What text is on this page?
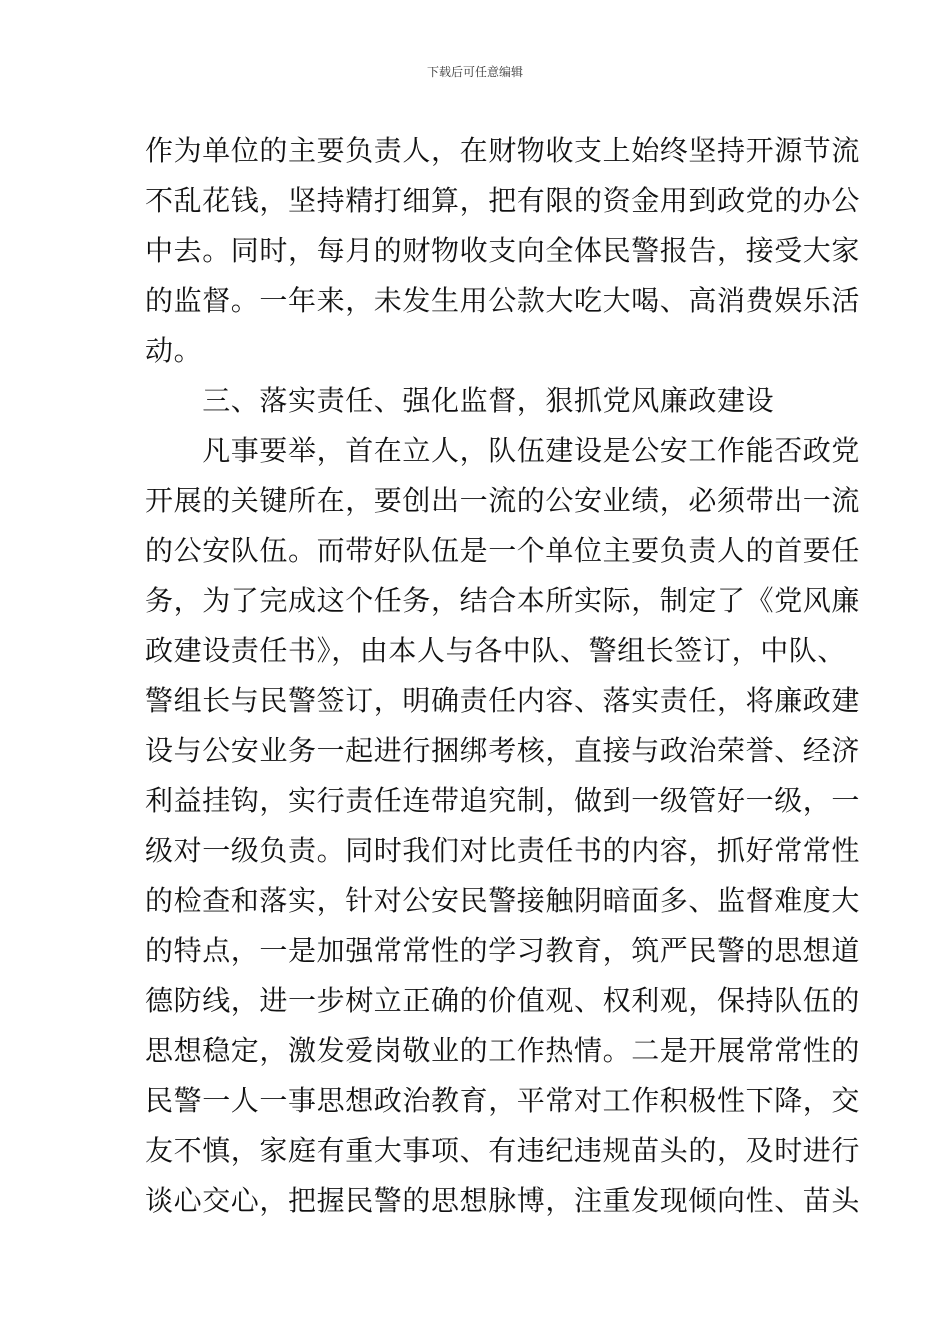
下载后可任意编辑
作为单位的主要负责人，在财物收支上始终坚持开源节流
不乱花钱，坚持精打细算，把有限的资金用到政党的办公
中去。同时，每月的财物收支向全体民警报告，接受大家
的监督。一年来，未发生用公款大吃大喝、高消费娱乐活
动。
　　三、落实责任、强化监督，狠抓党风廉政建设
　　凡事要举，首在立人，队伍建设是公安工作能否政党
开展的关键所在，要创出一流的公安业绩，必须带出一流
的公安队伍。而带好队伍是一个单位主要负责人的首要任
务，为了完成这个任务，结合本所实际，制定了《党风廉
政建设责任书》，由本人与各中队、警组长签订，中队、
警组长与民警签订，明确责任内容、落实责任，将廉政建
设与公安业务一起进行捆绑考核，直接与政治荣誉、经济
利益挂钩，实行责任连带追究制，做到一级管好一级，一
级对一级负责。同时我们对比责任书的内容，抓好常常性
的检查和落实，针对公安民警接触阴暗面多、监督难度大
的特点，一是加强常常性的学习教育，筑严民警的思想道
德防线，进一步树立正确的价值观、权利观，保持队伍的
思想稳定，激发爱岗敬业的工作热情。二是开展常常性的
民警一人一事思想政治教育，平常对工作积极性下降，交
友不慎，家庭有重大事项、有违纪违规苗头的，及时进行
谈心交心，把握民警的思想脉博，注重发现倾向性、苗头
